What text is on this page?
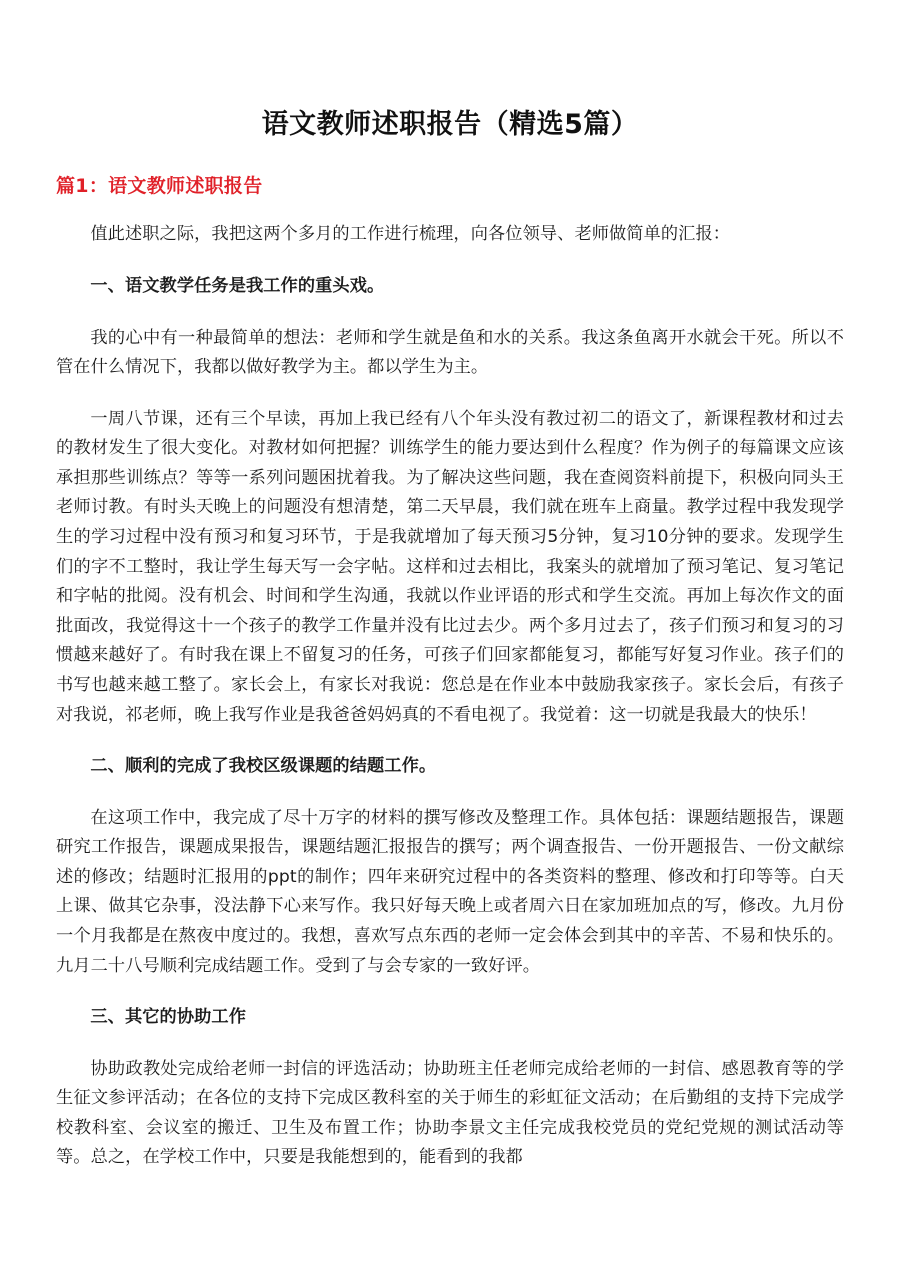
语文教师述职报告（精选5篇）
篇1：语文教师述职报告

值此述职之际，我把这两个多月的工作进行梳理，向各位领导、老师做简单的汇报：

一、语文教学任务是我工作的重头戏。

我的心中有一种最简单的想法：老师和学生就是鱼和水的关系。我这条鱼离开水就会干死。所以不管在什么情况下，我都以做好教学为主。都以学生为主。

一周八节课，还有三个早读，再加上我已经有八个年头没有教过初二的语文了，新课程教材和过去的教材发生了很大变化。对教材如何把握？训练学生的能力要达到什么程度？作为例子的每篇课文应该承担那些训练点？等等一系列问题困扰着我。为了解决这些问题，我在查阅资料前提下，积极向同头王老师讨教。有时头天晚上的问题没有想清楚，第二天早晨，我们就在班车上商量。教学过程中我发现学生的学习过程中没有预习和复习环节，于是我就增加了每天预习5分钟，复习10分钟的要求。发现学生们的字不工整时，我让学生每天写一会字帖。这样和过去相比，我案头的就增加了预习笔记、复习笔记和字帖的批阅。没有机会、时间和学生沟通，我就以作业评语的形式和学生交流。再加上每次作文的面批面改，我觉得这十一个孩子的教学工作量并没有比过去少。两个多月过去了，孩子们预习和复习的习惯越来越好了。有时我在课上不留复习的任务，可孩子们回家都能复习，都能写好复习作业。孩子们的书写也越来越工整了。家长会上，有家长对我说：您总是在作业本中鼓励我家孩子。家长会后，有孩子对我说，祁老师，晚上我写作业是我爸爸妈妈真的不看电视了。我觉着：这一切就是我最大的快乐！

二、顺利的完成了我校区级课题的结题工作。

在这项工作中，我完成了尽十万字的材料的撰写修改及整理工作。具体包括：课题结题报告，课题研究工作报告，课题成果报告，课题结题汇报报告的撰写；两个调查报告、一份开题报告、一份文献综述的修改；结题时汇报用的ppt的制作；四年来研究过程中的各类资料的整理、修改和打印等等。白天上课、做其它杂事，没法静下心来写作。我只好每天晚上或者周六日在家加班加点的写，修改。九月份一个月我都是在熬夜中度过的。我想，喜欢写点东西的老师一定会体会到其中的辛苦、不易和快乐的。九月二十八号顺利完成结题工作。受到了与会专家的一致好评。

三、其它的协助工作

协助政教处完成给老师一封信的评选活动；协助班主任老师完成给老师的一封信、感恩教育等的学生征文参评活动；在各位的支持下完成区教科室的关于师生的彩虹征文活动；在后勤组的支持下完成学校教科室、会议室的搬迁、卫生及布置工作；协助李景文主任完成我校党员的党纪党规的测试活动等等。总之，在学校工作中，只要是我能想到的，能看到的我都
